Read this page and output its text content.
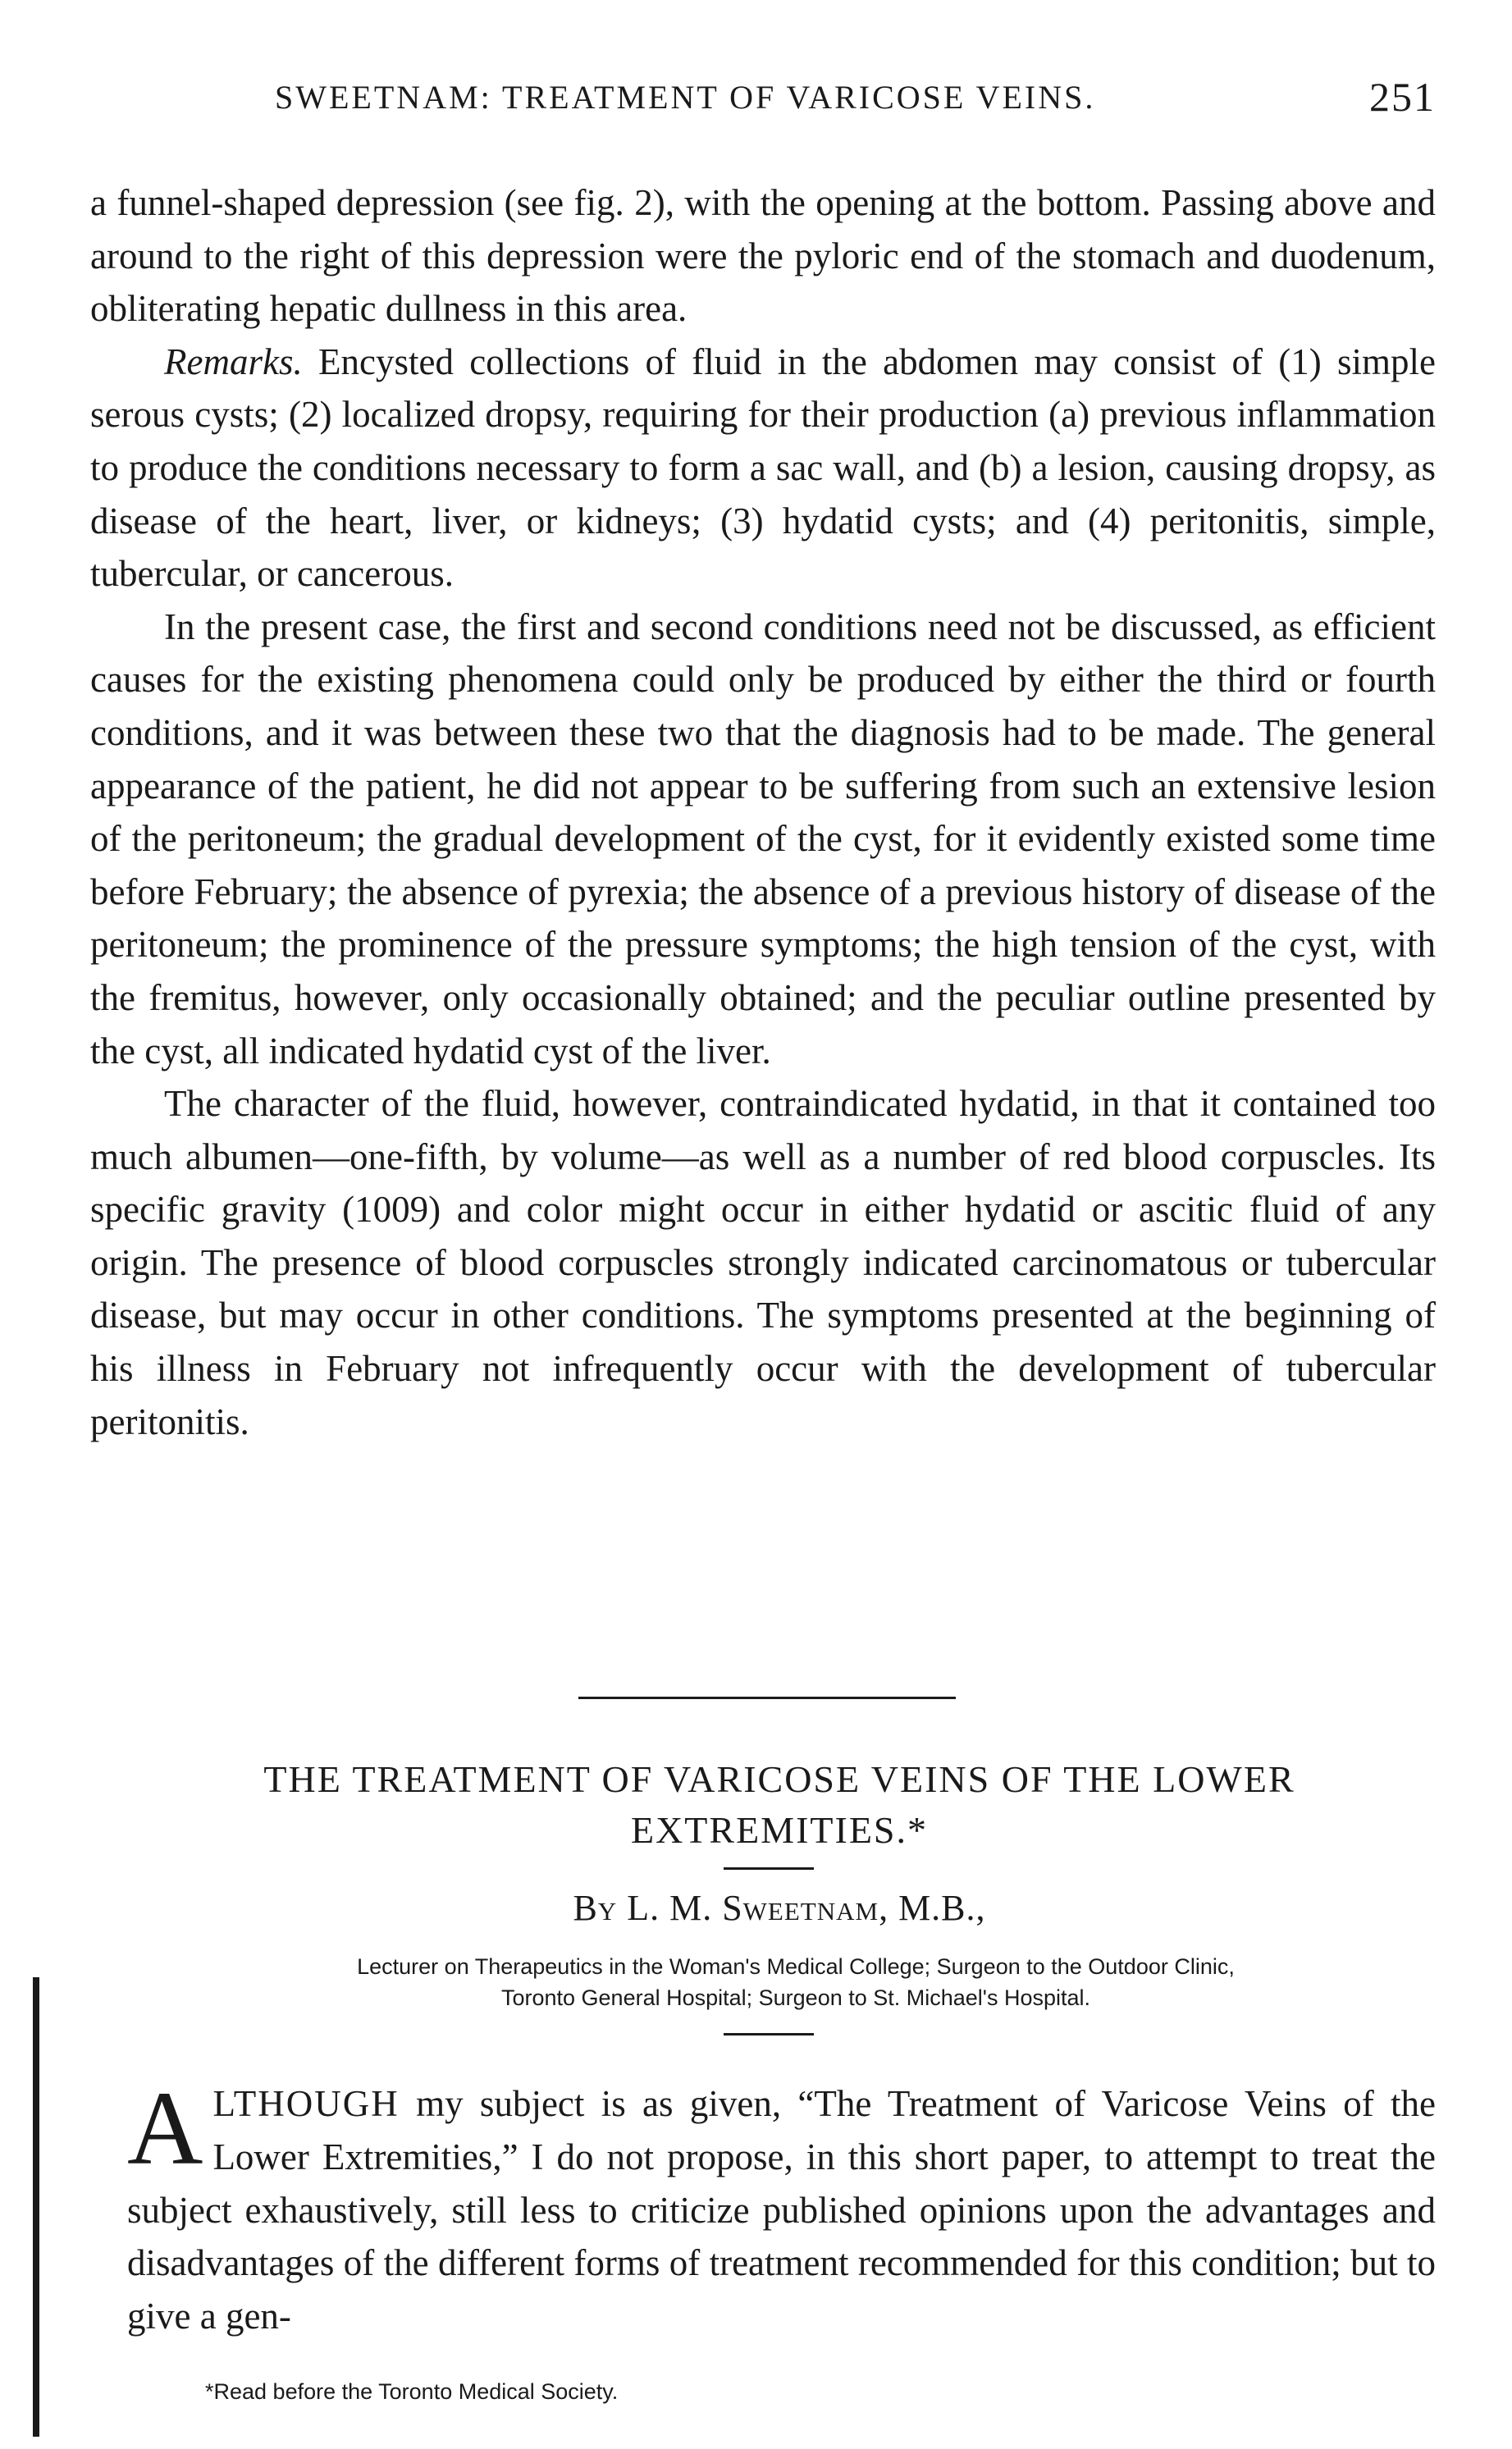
SWEETNAM: TREATMENT OF VARICOSE VEINS.	251

a funnel-shaped depression (see fig. 2), with the opening at the bottom. Passing above and around to the right of this depression were the pyloric end of the stomach and duodenum, obliterating hepatic dullness in this area.

Remarks. Encysted collections of fluid in the abdomen may consist of (1) simple serous cysts; (2) localized dropsy, requiring for their production (a) previous inflammation to produce the conditions necessary to form a sac wall, and (b) a lesion, causing dropsy, as disease of the heart, liver, or kidneys; (3) hydatid cysts; and (4) peritonitis, simple, tubercular, or cancerous.

In the present case, the first and second conditions need not be discussed, as efficient causes for the existing phenomena could only be produced by either the third or fourth conditions, and it was between these two that the diagnosis had to be made. The general appearance of the patient, he did not appear to be suffering from such an extensive lesion of the peritoneum; the gradual development of the cyst, for it evidently existed some time before February; the absence of pyrexia; the absence of a previous history of disease of the peritoneum; the prominence of the pressure symptoms; the high tension of the cyst, with the fremitus, however, only occasionally obtained; and the peculiar outline presented by the cyst, all indicated hydatid cyst of the liver.

The character of the fluid, however, contraindicated hydatid, in that it contained too much albumen—one-fifth, by volume—as well as a number of red blood corpuscles. Its specific gravity (1009) and color might occur in either hydatid or ascitic fluid of any origin. The presence of blood corpuscles strongly indicated carcinomatous or tubercular disease, but may occur in other conditions. The symptoms presented at the beginning of his illness in February not infrequently occur with the development of tubercular peritonitis.

THE TREATMENT OF VARICOSE VEINS OF THE LOWER
EXTREMITIES.*
By L. M. Sweetnam, M.B.,
Lecturer on Therapeutics in the Woman's Medical College; Surgeon to the Outdoor Clinic,
Toronto General Hospital; Surgeon to St. Michael's Hospital.

ALTHOUGH my subject is as given, “The Treatment of Varicose Veins of the Lower Extremities,” I do not propose, in this short paper, to attempt to treat the subject exhaustively, still less to criticize published opinions upon the advantages and disadvantages of the different forms of treatment recommended for this condition; but to give a gen-

*Read before the Toronto Medical Society.
